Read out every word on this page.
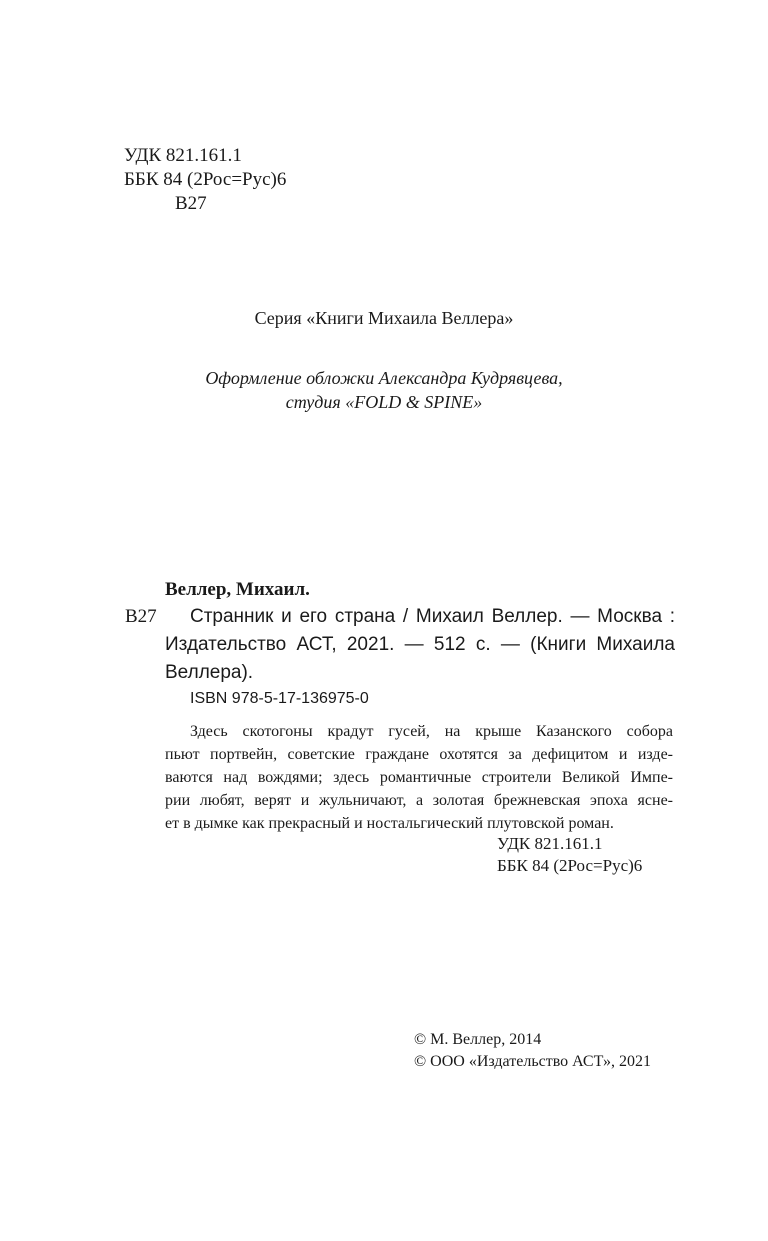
УДК 821.161.1
ББК 84 (2Рос=Рус)6
В27
Серия «Книги Михаила Веллера»
Оформление обложки Александра Кудрявцева,
студия «FOLD & SPINE»
Веллер, Михаил.
В27	Странник и его страна / Михаил Веллер. — Москва :
Издательство АСТ, 2021. — 512 с. — (Книги Михаила
Веллера).
ISBN 978-5-17-136975-0
Здесь скотогоны крадут гусей, на крыше Казанского собора
пьют портвейн, советские граждане охотятся за дефицитом и изде-
ваются над вождями; здесь романтичные строители Великой Импе-
рии любят, верят и жульничают, а золотая брежневская эпоха ясне-
ет в дымке как прекрасный и ностальгический плутовской роман.
УДК 821.161.1
ББК 84 (2Рос=Рус)6
© М. Веллер, 2014
© ООО «Издательство АСТ», 2021
